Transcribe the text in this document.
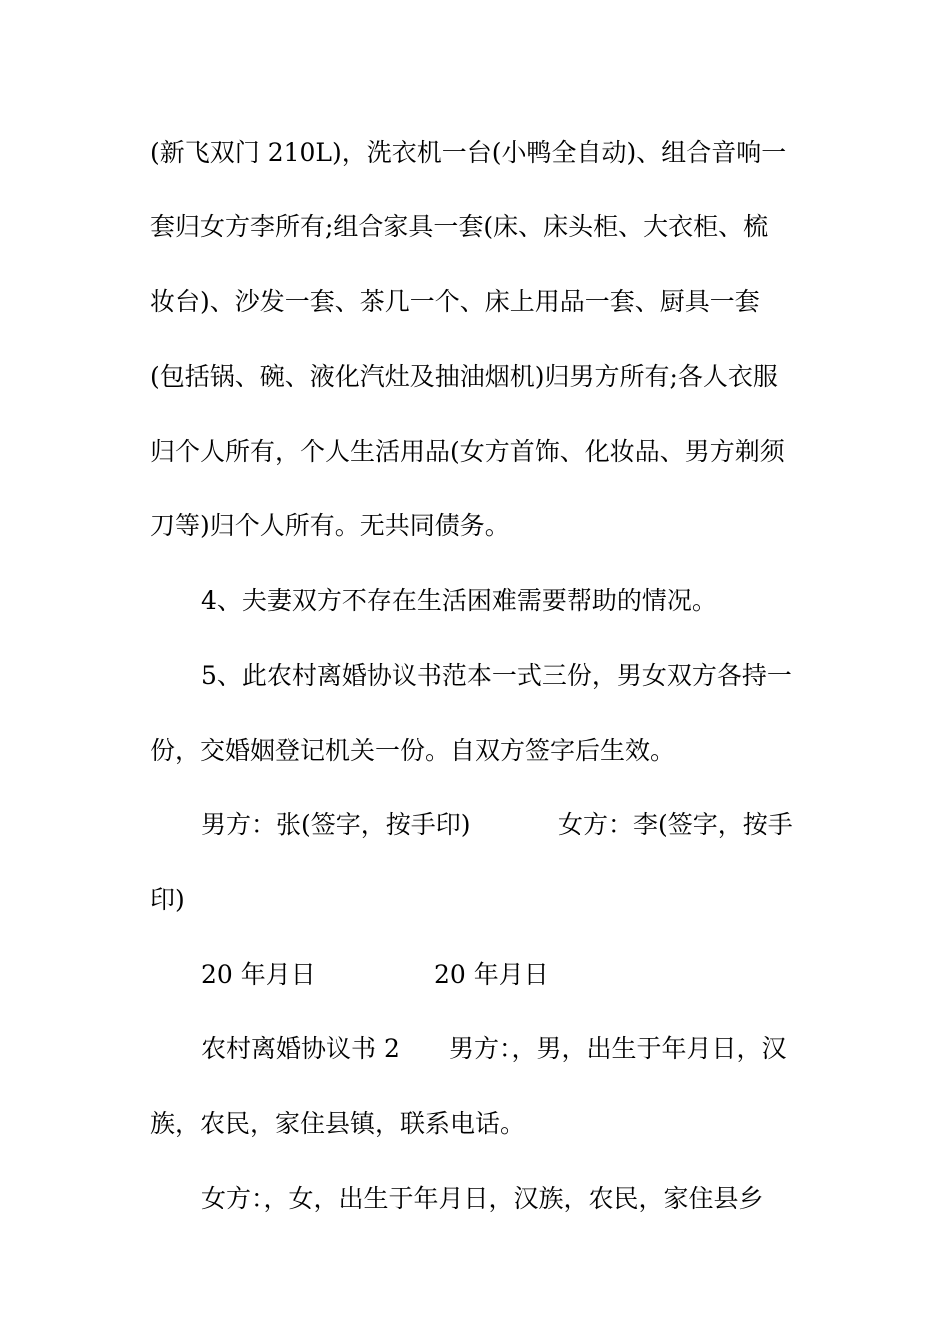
(新飞双门 210L)，洗衣机一台(小鸭全自动)、组合音响一
套归女方李所有;组合家具一套(床、床头柜、大衣柜、梳
妆台)、沙发一套、茶几一个、床上用品一套、厨具一套
(包括锅、碗、液化汽灶及抽油烟机)归男方所有;各人衣服
归个人所有，个人生活用品(女方首饰、化妆品、男方剃须
刀等)归个人所有。无共同债务。
4、夫妻双方不存在生活困难需要帮助的情况。
5、此农村离婚协议书范本一式三份，男女双方各持一
份，交婚姻登记机关一份。自双方签字后生效。
男方：张(签字，按手印)	女方：李(签字，按手
印)
20 年月日	20 年月日
农村离婚协议书 2 男方：，男，出生于年月日，汉
族，农民，家住县镇，联系电话。
女方：，女，出生于年月日，汉族，农民，家住县乡
